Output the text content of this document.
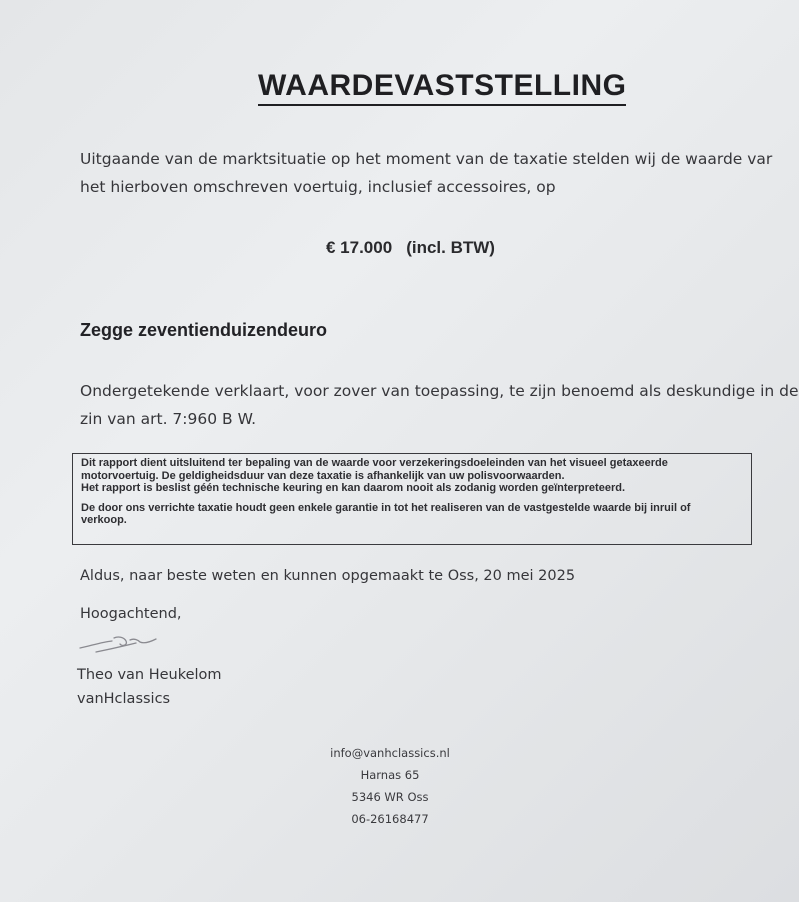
WAARDEVASTSTELLING
Uitgaande van de marktsituatie op het moment van de taxatie stelden wij de waarde var
het hierboven omschreven voertuig, inclusief accessoires, op
€ 17.000 (incl. BTW)
Zegge zeventienduizendeuro
Ondergetekende verklaart, voor zover van toepassing, te zijn benoemd als deskundige in de
zin van art. 7:960 B W.
Dit rapport dient uitsluitend ter bepaling van de waarde voor verzekeringsdoeleinden van het visueel getaxeerde
motorvoertuig. De geldigheidsduur van deze taxatie is afhankelijk van uw polisvoorwaarden.
Het rapport is beslist géén technische keuring en kan daarom nooit als zodanig worden geïnterpreteerd.
De door ons verrichte taxatie houdt geen enkele garantie in tot het realiseren van de vastgestelde waarde bij inruil of
verkoop.
Aldus, naar beste weten en kunnen opgemaakt te Oss, 20 mei 2025
Hoogachtend,
Theo van Heukelom
vanHclassics
info@vanhclassics.nl
Harnas 65
5346 WR Oss
06-26168477
